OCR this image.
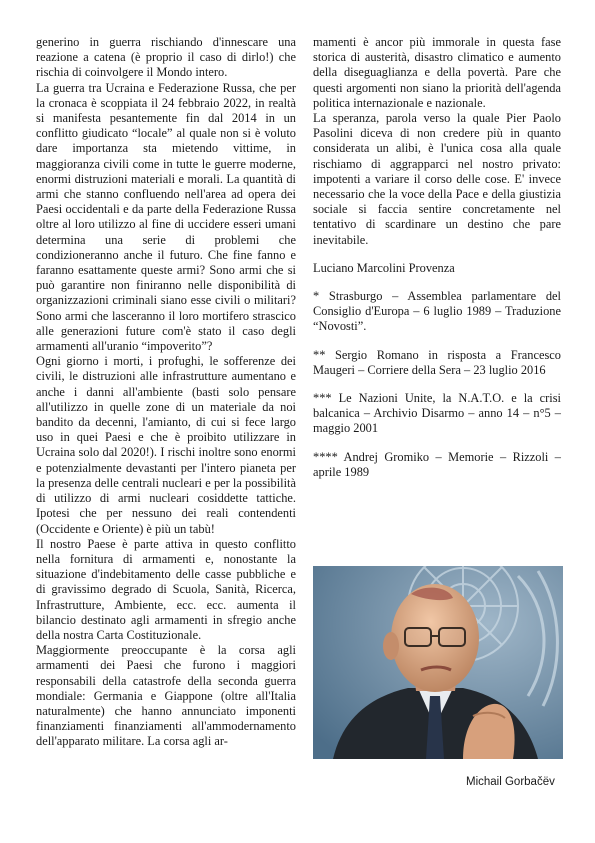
generino in guerra rischiando d'innescare una reazione a catena (è proprio il caso di dirlo!) che rischia di coinvolgere il Mondo intero.

La guerra tra Ucraina e Federazione Russa, che per la cronaca è scoppiata il 24 febbraio 2022, in realtà si manifesta pesantemente fin dal 2014 in un conflitto giudicato “locale” al quale non si è voluto dare importanza sta mietendo vittime, in maggioranza civili come in tutte le guerre moderne, enormi distruzioni materiali e morali. La quantità di armi che stanno confluendo nell'area ad opera dei Paesi occidentali e da parte della Federazione Russa oltre al loro utilizzo al fine di uccidere esseri umani determina una serie di problemi che condizioneranno anche il futuro. Che fine fanno e faranno esattamente queste armi? Sono armi che si può garantire non finiranno nelle disponibilità di organizzazioni criminali siano esse civili o militari? Sono armi che lasceranno il loro mortifero strascico alle generazioni future com'è stato il caso degli armamenti all'uranio “impoverito”?

Ogni giorno i morti, i profughi, le sofferenze dei civili, le distruzioni alle infrastrutture aumentano e anche i danni all'ambiente (basti solo pensare all'utilizzo in quelle zone di un materiale da noi bandito da decenni, l'amianto, di cui si fece largo uso in quei Paesi e che è proibito utilizzare in Ucraina solo dal 2020!). I rischi inoltre sono enormi e potenzialmente devastanti per l'intero pianeta per la presenza delle centrali nucleari e per la possibilità di utilizzo di armi nucleari cosiddette tattiche. Ipotesi che per nessuno dei reali contendenti (Occidente e Oriente) è più un tabù!

Il nostro Paese è parte attiva in questo conflitto nella fornitura di armamenti e, nonostante la situazione d'indebitamento delle casse pubbliche e di gravissimo degrado di Scuola, Sanità, Ricerca, Infrastrutture, Ambiente, ecc. ecc. aumenta il bilancio destinato agli armamenti in sfregio anche della nostra Carta Costituzionale.

Maggiormente preoccupante è la corsa agli armamenti dei Paesi che furono i maggiori responsabili della catastrofe della seconda guerra mondiale: Germania e Giappone (oltre all'Italia naturalmente) che hanno annunciato imponenti finanziamenti finanziamenti all'ammodernamento dell'apparato militare. La corsa agli ar-

mamenti è ancor più immorale in questa fase storica di austerità, disastro climatico e aumento della diseguaglianza e della povertà. Pare che questi argomenti non siano la priorità dell'agenda politica internazionale e nazionale.

La speranza, parola verso la quale Pier Paolo Pasolini diceva di non credere più in quanto considerata un alibi, è l'unica cosa alla quale rischiamo di aggrapparci nel nostro privato: impotenti a variare il corso delle cose. E' invece necessario che la voce della Pace e della giustizia sociale si faccia sentire concretamente nel tentativo di scardinare un destino che pare inevitabile.

Luciano Marcolini Provenza

* Strasburgo – Assemblea parlamentare del Consiglio d'Europa – 6 luglio 1989 – Traduzione “Novosti”.

** Sergio Romano in risposta a Francesco Maugeri – Corriere della Sera – 23 luglio 2016

*** Le Nazioni Unite, la N.A.T.O. e la crisi balcanica – Archivio Disarmo – anno 14 – n°5 – maggio 2001

**** Andrej Gromiko – Memorie – Rizzoli – aprile 1989

Michail Gorbačëv
